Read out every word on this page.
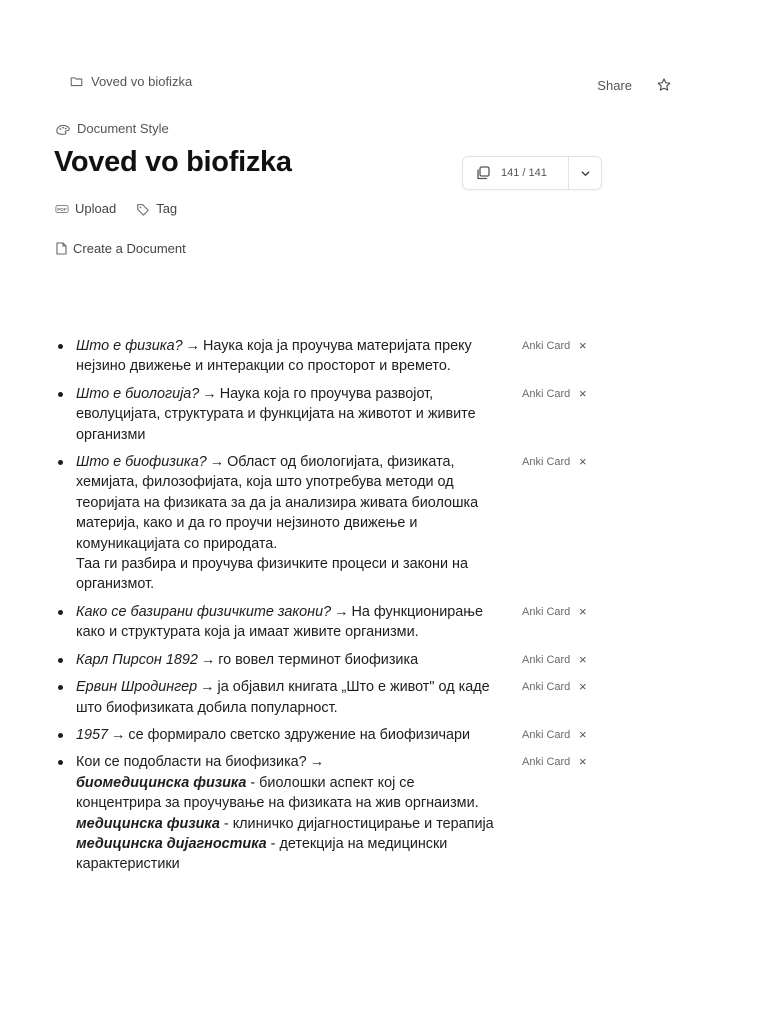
Voved vo biofizka	Share
Document Style
Voved vo biofizka	141 / 141
PDF Upload	Tag
Create a Document
Што е физика? → Наука која ја проучува материјата преку нејзино движење и интеракции со просторот и времето.
Anki Card ×
Што е биологија? → Наука која го проучува развојот, еволуцијата, структурата и функцијата на животот и живите организми
Anki Card ×
Што е биофизика? → Област од биологијата, физиката, хемијата, филозофијата, која што употребува методи од теоријата на физиката за да ја анализира живата биолошка материја, како и да го проучи нејзиното движење и комуникацијата со природата.
Таа ги разбира и проучува физичките процеси и закони на организмот.
Anki Card ×
Како се базирани физичките закони? → На функционирање како и структурата која ја имаат живите организми.
Anki Card ×
Карл Пирсон 1892 → го вовел терминот биофизика	Anki Card ×
Ервин Шродингер → ја објавил книгата „Што е живот" од каде што биофизиката добила популарност.
Anki Card ×
1957 → се формирало светско здружение на биофизичари	Anki Card ×
Кои се подобласти на биофизика? →
биомедицинска физика - биолошки аспект кој се концентрира за проучување на физиката на жив оргнаизми.
медицинска физика - клиничко дијагностицирање и терапија
медицинска дијагностика - детекција на медицински карактеристики
Anki Card ×
